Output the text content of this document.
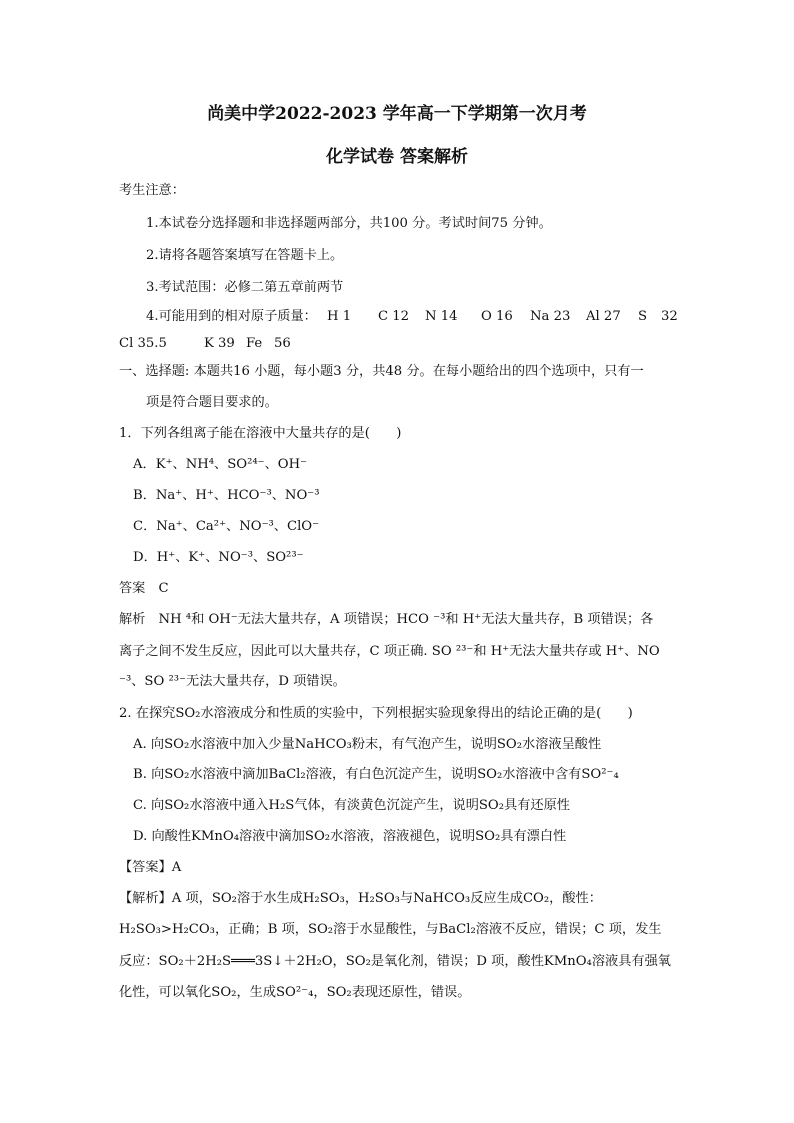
尚美中学2022-2023 学年高一下学期第一次月考
化学试卷 答案解析
考生注意：
1.本试卷分选择题和非选择题两部分，共100 分。考试时间75 分钟。
2.请将各题答案填写在答题卡上。
3.考试范围：必修二第五章前两节
4.可能用到的相对原子质量： H 1 C 12 N 14 O 16 Na 23 Al 27 S 32
Cl 35.5	K 39 Fe 56
一、选择题: 本题共16 小题，每小题3 分，共48 分。在每小题给出的四个选项中，只有一
项是符合题目要求的。
1．下列各组离子能在溶液中大量共存的是(　　)
A．K⁺、NH⁴、SO²⁴⁻、OH⁻
B．Na⁺、H⁺、HCO⁻³、NO⁻³
C．Na⁺、Ca²⁺、NO⁻³、ClO⁻
D．H⁺、K⁺、NO⁻³、SO²³⁻
答案　C
解析　NH ⁴和 OH⁻无法大量共存，A 项错误；HCO ⁻³和 H⁺无法大量共存，B 项错误；各
离子之间不发生反应，因此可以大量共存，C 项正确. SO ²³⁻和 H⁺无法大量共存或 H⁺、NO
⁻³、SO ²³⁻无法大量共存，D 项错误。
2. 在探究SO₂水溶液成分和性质的实验中，下列根据实验现象得出的结论正确的是(　　)
A. 向SO₂水溶液中加入少量NaHCO₃粉末，有气泡产生，说明SO₂水溶液呈酸性
B. 向SO₂水溶液中滴加BaCl₂溶液，有白色沉淀产生，说明SO₂水溶液中含有SO²⁻₄
C. 向SO₂水溶液中通入H₂S气体，有淡黄色沉淀产生，说明SO₂具有还原性
D. 向酸性KMnO₄溶液中滴加SO₂水溶液，溶液褪色，说明SO₂具有漂白性
【答案】A
【解析】A 项，SO₂溶于水生成H₂SO₃，H₂SO₃与NaHCO₃反应生成CO₂，酸性：
H₂SO₃>H₂CO₃，正确；B 项，SO₂溶于水显酸性，与BaCl₂溶液不反应，错误；C 项，发生
反应：SO₂＋2H₂S═══3S↓＋2H₂O，SO₂是氧化剂，错误；D 项，酸性KMnO₄溶液具有强氧
化性，可以氧化SO₂，生成SO²⁻₄，SO₂表现还原性，错误。
